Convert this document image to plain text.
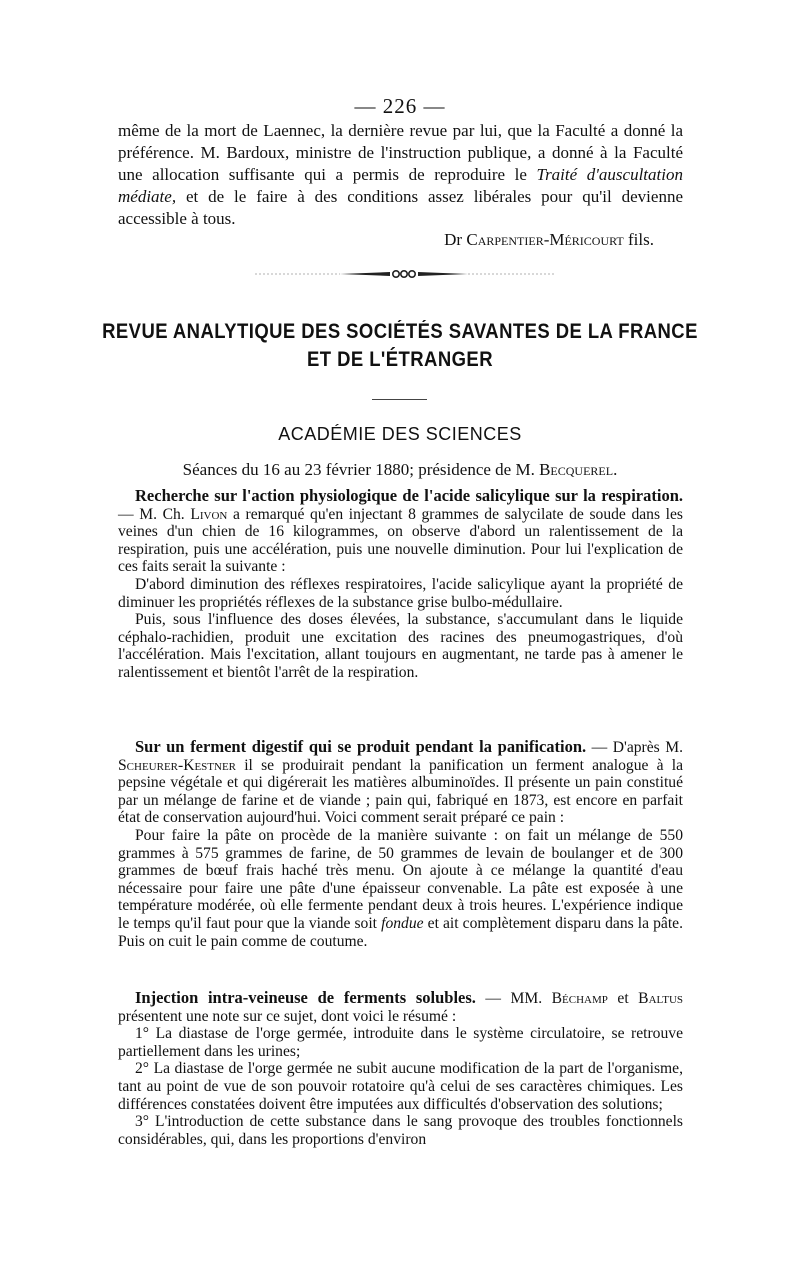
— 226 —

même de la mort de Laennec, la dernière revue par lui, que la Faculté a donné la préférence. M. Bardoux, ministre de l'instruction publique, a donné à la Faculté une allocation suffisante qui a permis de reproduire le Traité d'auscultation médiate, et de le faire à des conditions assez libérales pour qu'il devienne accessible à tous.

Dr Carpentier-Méricourt fils.
REVUE ANALYTIQUE DES SOCIÉTÉS SAVANTES DE LA FRANCE
ET DE L'ÉTRANGER
ACADÉMIE DES SCIENCES
Séances du 16 au 23 février 1880; présidence de M. Becquerel.

Recherche sur l'action physiologique de l'acide salicylique sur la respiration. — M. Ch. Livon a remarqué qu'en injectant 8 grammes de salycilate de soude dans les veines d'un chien de 16 kilogrammes, on observe d'abord un ralentissement de la respiration, puis une accélération, puis une nouvelle diminution. Pour lui l'explication de ces faits serait la suivante :

D'abord diminution des réflexes respiratoires, l'acide salicylique ayant la propriété de diminuer les propriétés réflexes de la substance grise bulbo-médullaire.

Puis, sous l'influence des doses élevées, la substance, s'accumulant dans le liquide céphalo-rachidien, produit une excitation des racines des pneumogastriques, d'où l'accélération. Mais l'excitation, allant toujours en augmentant, ne tarde pas à amener le ralentissement et bientôt l'arrêt de la respiration.

Sur un ferment digestif qui se produit pendant la panification. — D'après M. Scheurer-Kestner il se produirait pendant la panification un ferment analogue à la pepsine végétale et qui digérerait les matières albuminoïdes. Il présente un pain constitué par un mélange de farine et de viande ; pain qui, fabriqué en 1873, est encore en parfait état de conservation aujourd'hui. Voici comment serait préparé ce pain :

Pour faire la pâte on procède de la manière suivante : on fait un mélange de 550 grammes à 575 grammes de farine, de 50 grammes de levain de boulanger et de 300 grammes de bœuf frais haché très menu. On ajoute à ce mélange la quantité d'eau nécessaire pour faire une pâte d'une épaisseur convenable. La pâte est exposée à une température modérée, où elle fermente pendant deux à trois heures. L'expérience indique le temps qu'il faut pour que la viande soit fondue et ait complètement disparu dans la pâte. Puis on cuit le pain comme de coutume.

Injection intra-veineuse de ferments solubles. — MM. Béchamp et Baltus présentent une note sur ce sujet, dont voici le résumé :

1° La diastase de l'orge germée, introduite dans le système circulatoire, se retrouve partiellement dans les urines;

2° La diastase de l'orge germée ne subit aucune modification de la part de l'organisme, tant au point de vue de son pouvoir rotatoire qu'à celui de ses caractères chimiques. Les différences constatées doivent être imputées aux difficultés d'observation des solutions;

3° L'introduction de cette substance dans le sang provoque des troubles fonctionnels considérables, qui, dans les proportions d'environ
